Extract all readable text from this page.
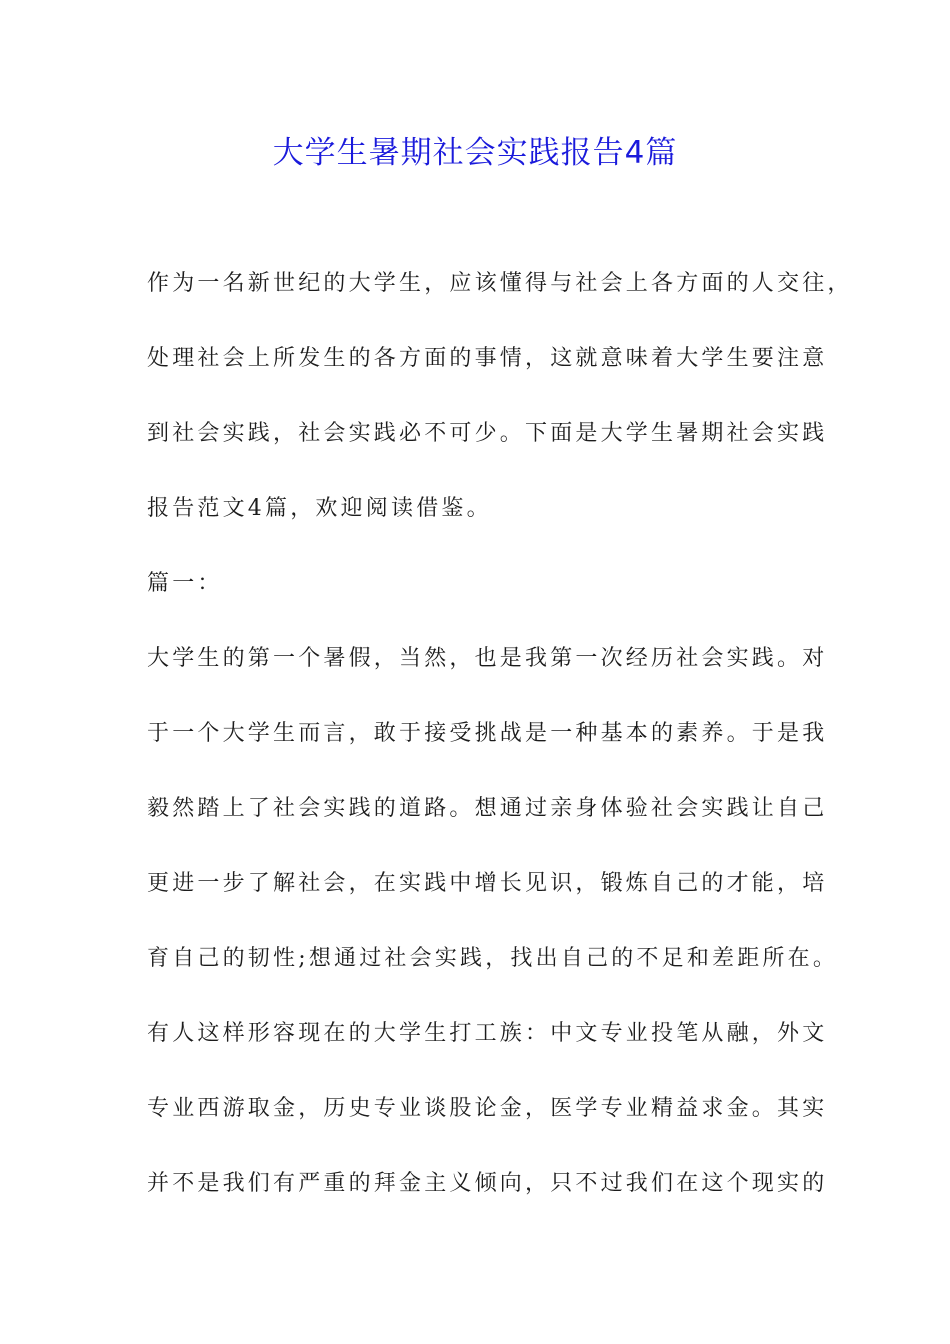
大学生暑期社会实践报告4篇
作为一名新世纪的大学生，应该懂得与社会上各方面的人交往，
处理社会上所发生的各方面的事情，这就意味着大学生要注意
到社会实践，社会实践必不可少。下面是大学生暑期社会实践
报告范文4篇，欢迎阅读借鉴。
篇一：
大学生的第一个暑假，当然，也是我第一次经历社会实践。对
于一个大学生而言，敢于接受挑战是一种基本的素养。于是我
毅然踏上了社会实践的道路。想通过亲身体验社会实践让自己
更进一步了解社会，在实践中增长见识，锻炼自己的才能，培
育自己的韧性;想通过社会实践，找出自己的不足和差距所在。
有人这样形容现在的大学生打工族：中文专业投笔从融，外文
专业西游取金，历史专业谈股论金，医学专业精益求金。其实
并不是我们有严重的拜金主义倾向，只不过我们在这个现实的
